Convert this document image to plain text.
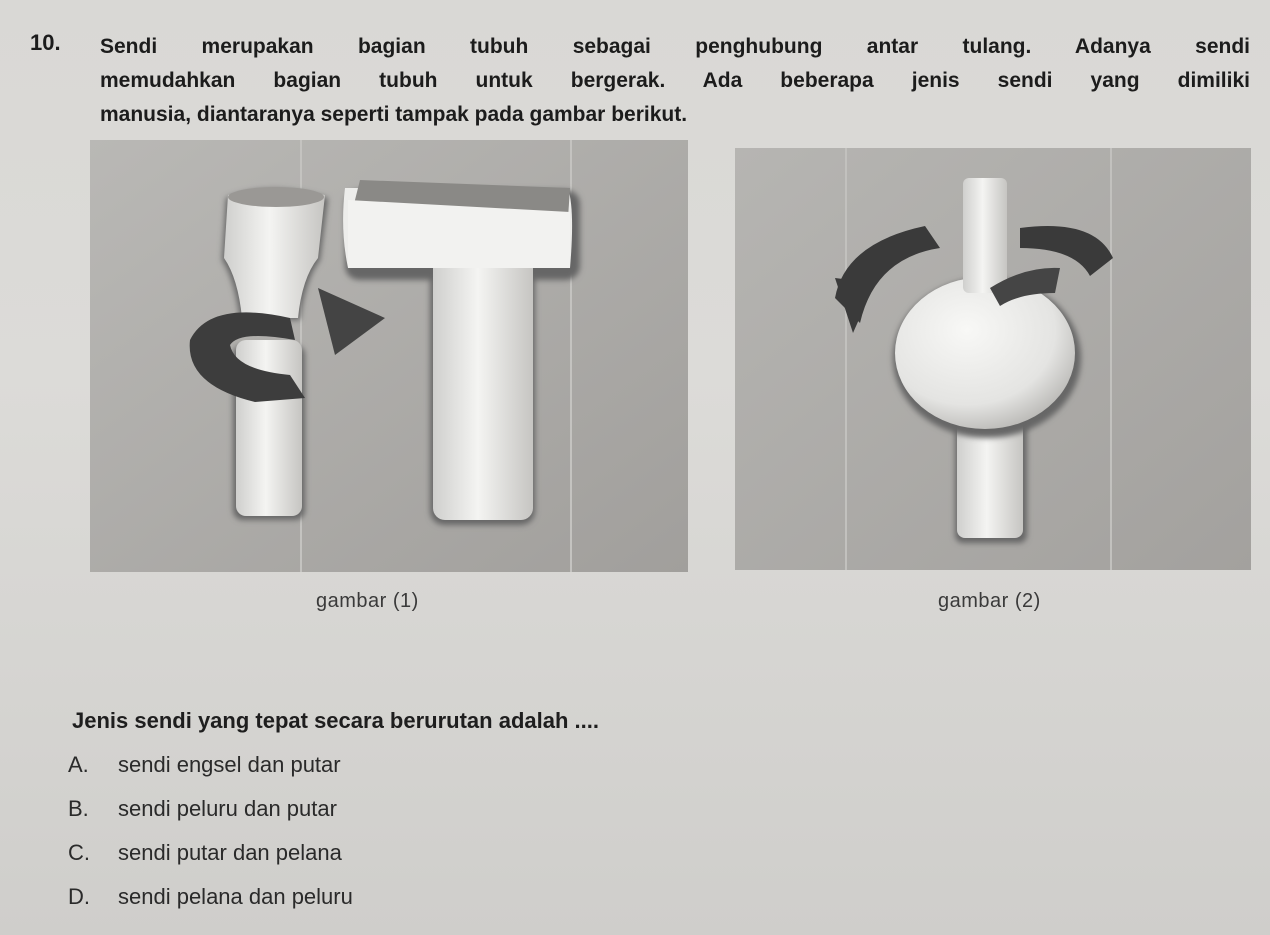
10. Sendi merupakan bagian tubuh sebagai penghubung antar tulang. Adanya sendi
memudahkan bagian tubuh untuk bergerak. Ada beberapa jenis sendi yang dimiliki
manusia, diantaranya seperti tampak pada gambar berikut.
gambar (1)	gambar (2)
Jenis sendi yang tepat secara berurutan adalah ....
A.	sendi engsel dan putar
B.	sendi peluru dan putar
C.	sendi putar dan pelana
D.	sendi pelana dan peluru
